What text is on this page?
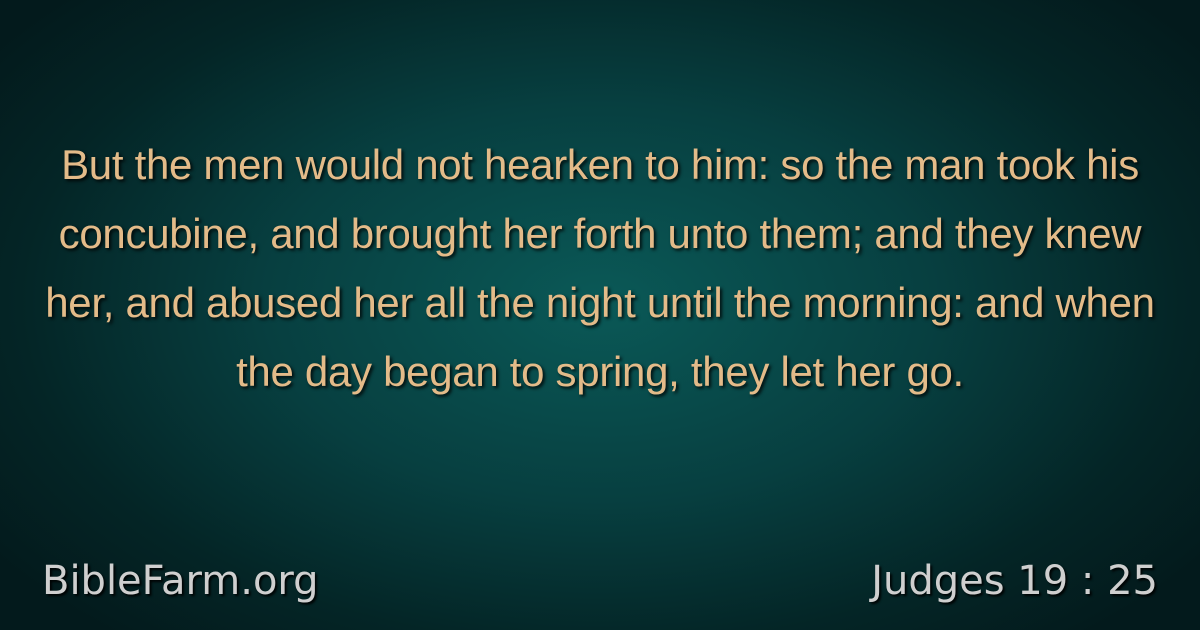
But the men would not hearken to him: so the man took his concubine, and brought her forth unto them; and they knew her, and abused her all the night until the morning: and when the day began to spring, they let her go.

BibleFarm.org	Judges 19 : 25
